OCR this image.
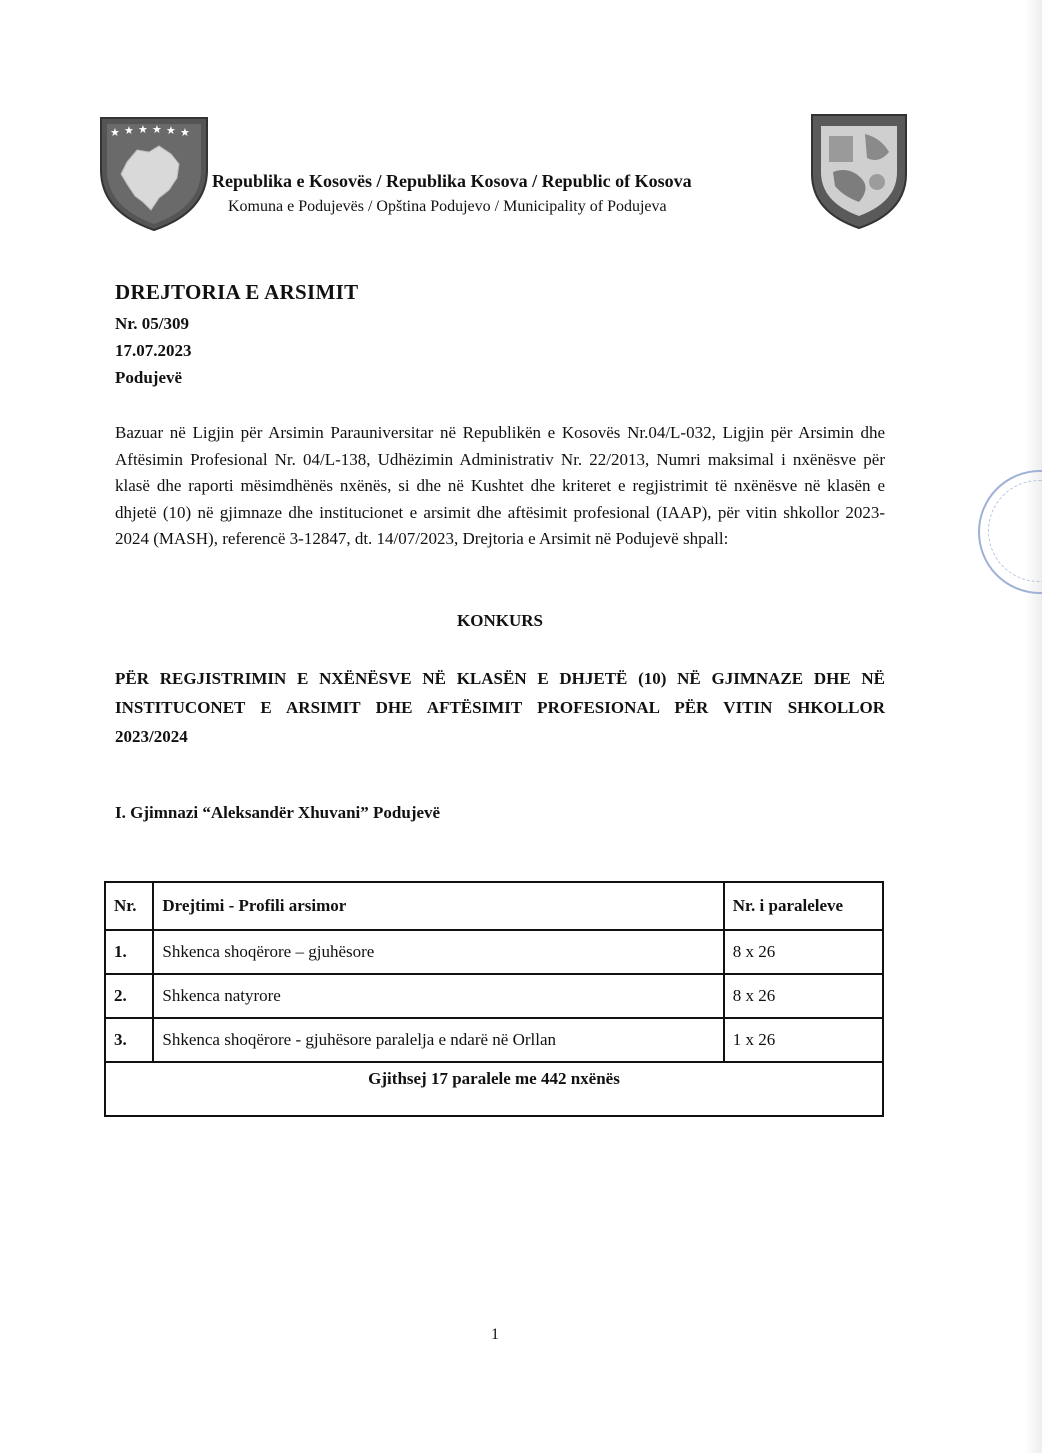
★ ★ ★ ★ ★ ★
Republika e Kosovës / Republika Kosova / Republic of Kosova
Komuna e Podujevës / Opština Podujevo / Municipality of Podujeva
DREJTORIA E ARSIMIT
Nr. 05/309
17.07.2023
Podujevë
Bazuar në Ligjin për Arsimin Parauniversitar në Republikën e Kosovës Nr.04/L-032, Ligjin për Arsimin dhe Aftësimin Profesional Nr. 04/L-138, Udhëzimin Administrativ Nr. 22/2013, Numri maksimal i nxënësve për klasë dhe raporti mësimdhënës nxënës, si dhe në Kushtet dhe kriteret e regjistrimit të nxënësve në klasën e dhjetë (10) në gjimnaze dhe institucionet e arsimit dhe aftësimit profesional (IAAP), për vitin shkollor 2023-2024 (MASH), referencë 3-12847, dt. 14/07/2023, Drejtoria e Arsimit në Podujevë shpall:
KONKURS
PËR REGJISTRIMIN E NXËNËSVE NË KLASËN E DHJETË (10) NË GJIMNAZE DHE NË INSTITUCONET E ARSIMIT DHE AFTËSIMIT PROFESIONAL PËR VITIN SHKOLLOR 2023/2024
I. Gjimnazi “Aleksandër Xhuvani” Podujevë
Nr.	Drejtimi - Profili arsimor	Nr. i paraleleve
1.	Shkenca shoqërore – gjuhësore	8 x 26
2.	Shkenca natyrore	8 x 26
3.	Shkenca shoqërore - gjuhësore paralelja e ndarë në Orllan	1 x 26
Gjithsej 17 paralele me 442 nxënës		
1
